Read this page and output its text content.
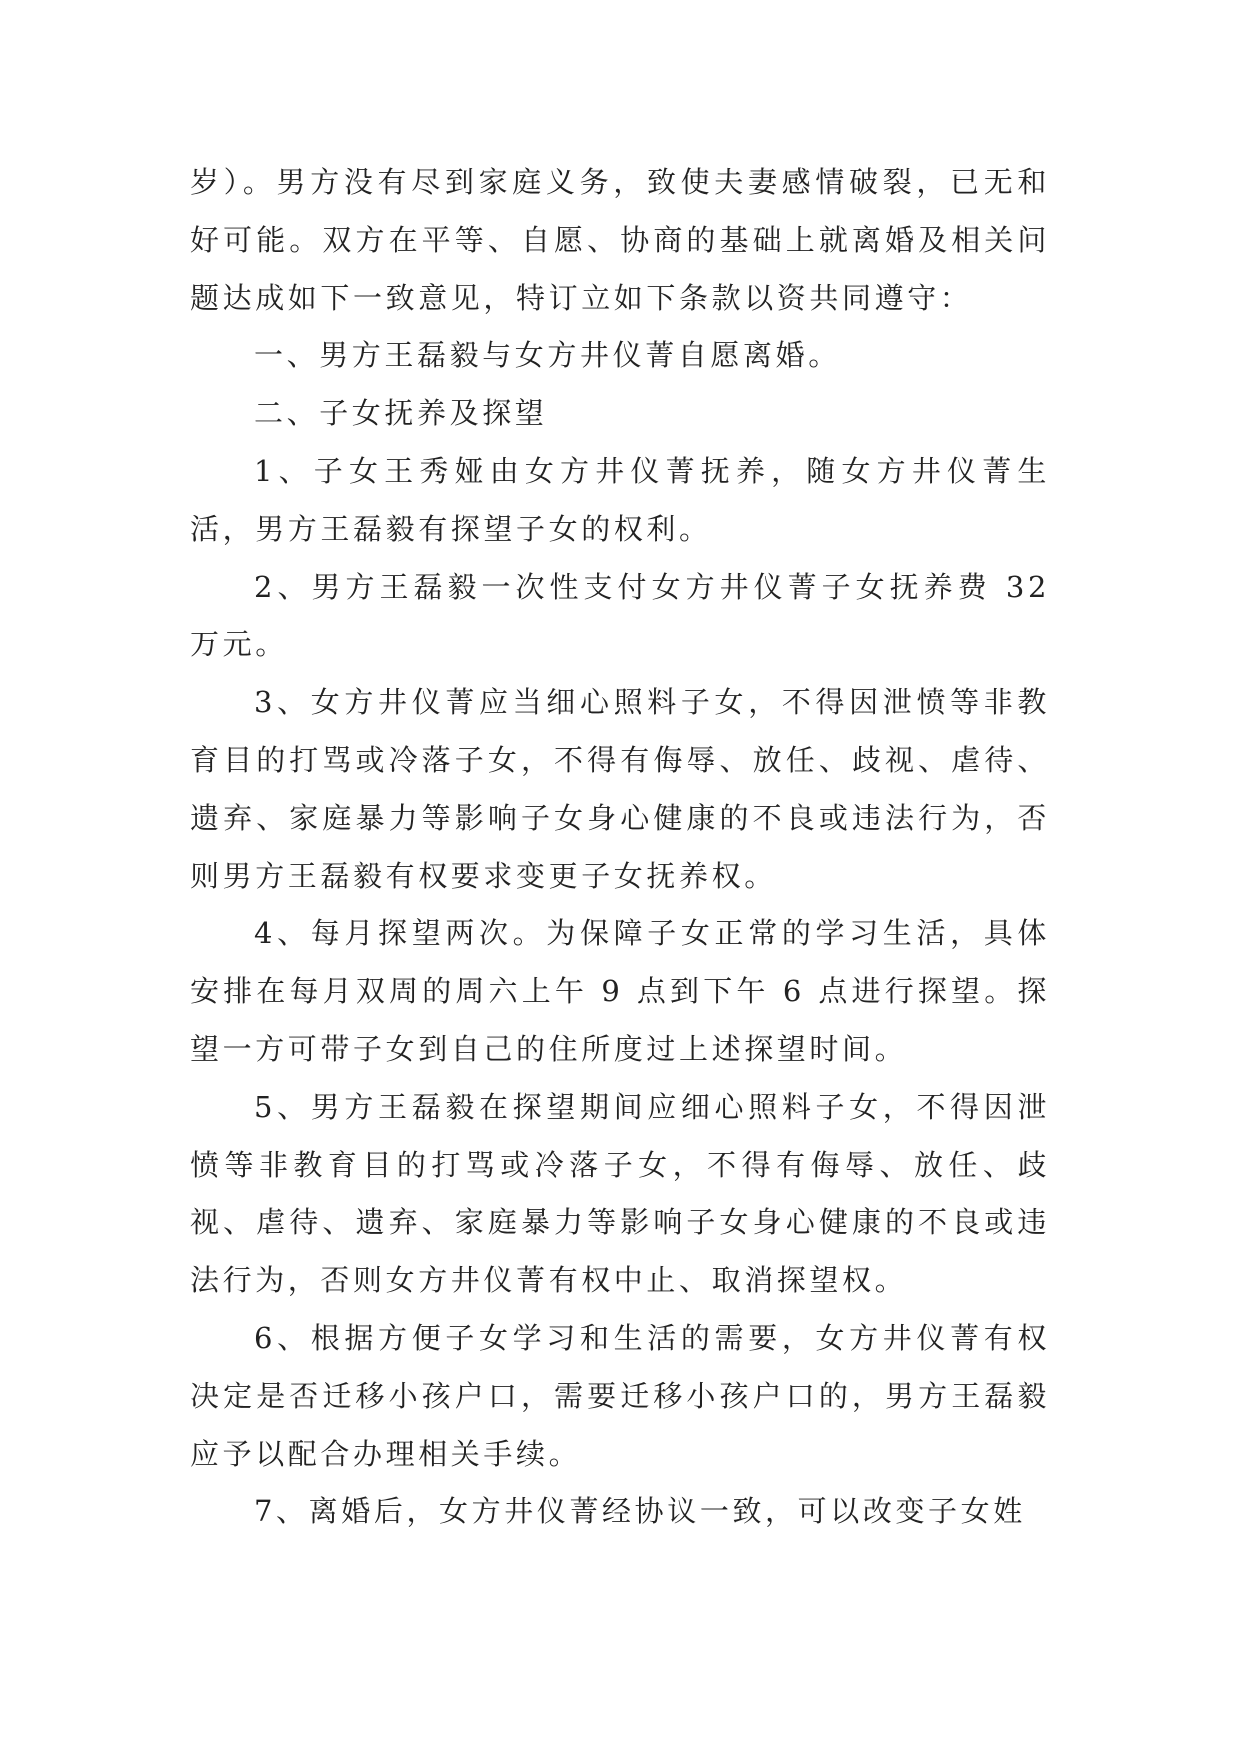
岁）。男方没有尽到家庭义务，致使夫妻感情破裂，已无和好可能。双方在平等、自愿、协商的基础上就离婚及相关问题达成如下一致意见，特订立如下条款以资共同遵守：

一、男方王磊毅与女方井仪菁自愿离婚。

二、子女抚养及探望

1、子女王秀娅由女方井仪菁抚养，随女方井仪菁生活，男方王磊毅有探望子女的权利。

2、男方王磊毅一次性支付女方井仪菁子女抚养费 32 万元。

3、女方井仪菁应当细心照料子女，不得因泄愤等非教育目的打骂或冷落子女，不得有侮辱、放任、歧视、虐待、遗弃、家庭暴力等影响子女身心健康的不良或违法行为，否则男方王磊毅有权要求变更子女抚养权。

4、每月探望两次。为保障子女正常的学习生活，具体安排在每月双周的周六上午 9 点到下午 6 点进行探望。探望一方可带子女到自己的住所度过上述探望时间。

5、男方王磊毅在探望期间应细心照料子女，不得因泄愤等非教育目的打骂或冷落子女，不得有侮辱、放任、歧视、虐待、遗弃、家庭暴力等影响子女身心健康的不良或违法行为，否则女方井仪菁有权中止、取消探望权。

6、根据方便子女学习和生活的需要，女方井仪菁有权决定是否迁移小孩户口，需要迁移小孩户口的，男方王磊毅应予以配合办理相关手续。

7、离婚后，女方井仪菁经协议一致，可以改变子女姓
